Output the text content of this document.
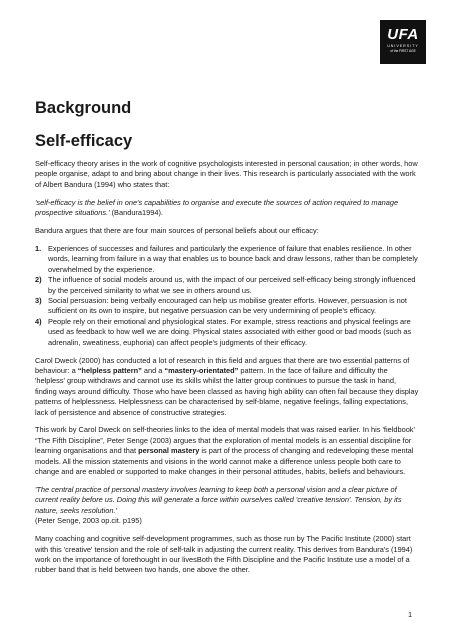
UFA
UNIVERSITY
of the FIRST AGE
Background
Self-efficacy

Self-efficacy theory arises in the work of cognitive psychologists interested in personal causation; in other words, how people organise, adapt to and bring about change in their lives. This research is particularly associated with the work of Albert Bandura (1994) who states that:

'self-efficacy is the belief in one's capabilities to organise and execute the sources of action required to manage prospective situations.' (Bandura1994).

Bandura argues that there are four main sources of personal beliefs about our efficacy:

1. Experiences of successes and failures and particularly the experience of failure that enables resilience. In other words, learning from failure in a way that enables us to bounce back and draw lessons, rather than be completely overwhelmed by the experience.
2) The influence of social models around us, with the impact of our perceived self-efficacy being strongly influenced by the perceived similarity to what we see in others around us.
3) Social persuasion: being verbally encouraged can help us mobilise greater efforts. However, persuasion is not sufficient on its own to inspire, but negative persuasion can be very undermining of people's efficacy.
4) People rely on their emotional and physiological states. For example, stress reactions and physical feelings are used as feedback to how well we are doing. Physical states associated with either good or bad moods (such as adrenalin, sweatiness, euphoria) can affect people's judgments of their efficacy.

Carol Dweck (2000) has conducted a lot of research in this field and argues that there are two essential patterns of behaviour: a “helpless pattern” and a “mastery-orientated” pattern. In the face of failure and difficulty the 'helpless' group withdraws and cannot use its skills whilst the latter group continues to pursue the task in hand, finding ways around difficulty. Those who have been classed as having high ability can often fail because they display patterns of helplessness. Helplessness can be characterised by self-blame, negative feelings, falling expectations, lack of persistence and absence of constructive strategies.

This work by Carol Dweck on self-theories links to the idea of mental models that was raised earlier. In his 'fieldbook' “The Fifth Discipline”, Peter Senge (2003) argues that the exploration of mental models is an essential discipline for learning organisations and that personal mastery is part of the process of changing and redeveloping these mental models. All the mission statements and visions in the world cannot make a difference unless people both care to change and are enabled or supported to make changes in their personal attitudes, habits, beliefs and behaviours.

'The central practice of personal mastery involves learning to keep both a personal vision and a clear picture of current reality before us. Doing this will generate a force within ourselves called 'creative tension'. Tension, by its nature, seeks resolution.'

(Peter Senge, 2003 op.cit. p195)

Many coaching and cognitive self-development programmes, such as those run by The Pacific Institute (2000) start with this 'creative' tension and the role of self-talk in adjusting the current reality. This derives from Bandura's (1994) work on the importance of forethought in our livesBoth the Fifth Discipline and the Pacific Institute use a model of a rubber band that is held between two hands, one above the other.

1
